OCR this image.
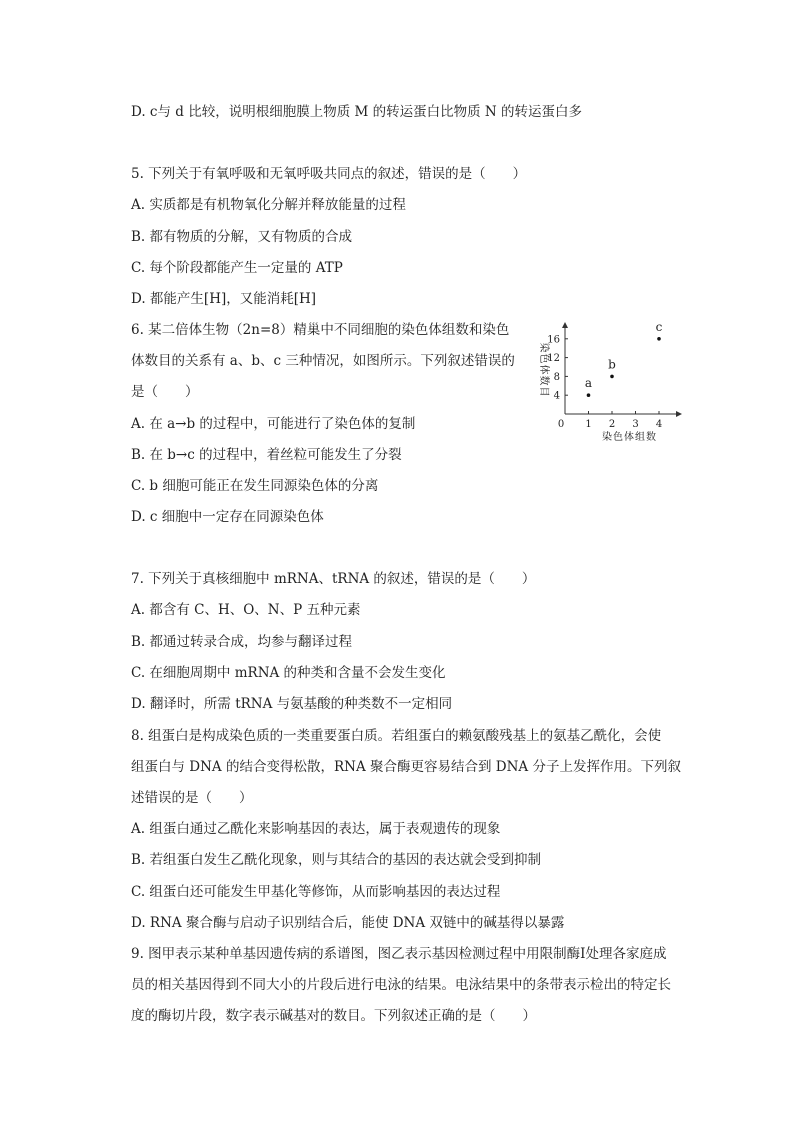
D. c与 d 比较，说明根细胞膜上物质 M 的转运蛋白比物质 N 的转运蛋白多
5. 下列关于有氧呼吸和无氧呼吸共同点的叙述，错误的是（　　）
A. 实质都是有机物氧化分解并释放能量的过程
B. 都有物质的分解，又有物质的合成
C. 每个阶段都能产生一定量的 ATP
D. 都能产生[H]，又能消耗[H]
6. 某二倍体生物（2n=8）精巢中不同细胞的染色体组数和染色
体数目的关系有 a、b、c 三种情况，如图所示。下列叙述错误的
是（　　）
A. 在 a→b 的过程中，可能进行了染色体的复制
B. 在 b→c 的过程中，着丝粒可能发生了分裂
C. b 细胞可能正在发生同源染色体的分离
D. c 细胞中一定存在同源染色体
7. 下列关于真核细胞中 mRNA、tRNA 的叙述，错误的是（　　）
A. 都含有 C、H、O、N、P 五种元素
B. 都通过转录合成，均参与翻译过程
C. 在细胞周期中 mRNA 的种类和含量不会发生变化
D. 翻译时，所需 tRNA 与氨基酸的种类数不一定相同
8. 组蛋白是构成染色质的一类重要蛋白质。若组蛋白的赖氨酸残基上的氨基乙酰化，会使
组蛋白与 DNA 的结合变得松散，RNA 聚合酶更容易结合到 DNA 分子上发挥作用。下列叙
述错误的是（　　）
A. 组蛋白通过乙酰化来影响基因的表达，属于表观遗传的现象
B. 若组蛋白发生乙酰化现象，则与其结合的基因的表达就会受到抑制
C. 组蛋白还可能发生甲基化等修饰，从而影响基因的表达过程
D. RNA 聚合酶与启动子识别结合后，能使 DNA 双链中的碱基得以暴露
9. 图甲表示某种单基因遗传病的系谱图，图乙表示基因检测过程中用限制酶Ⅰ处理各家庭成
员的相关基因得到不同大小的片段后进行电泳的结果。电泳结果中的条带表示检出的特定长
度的酶切片段，数字表示碱基对的数目。下列叙述正确的是（　　）
0 1 2 3 4
4
8
12
16
染色体组数
染色体数目	a
b
c
